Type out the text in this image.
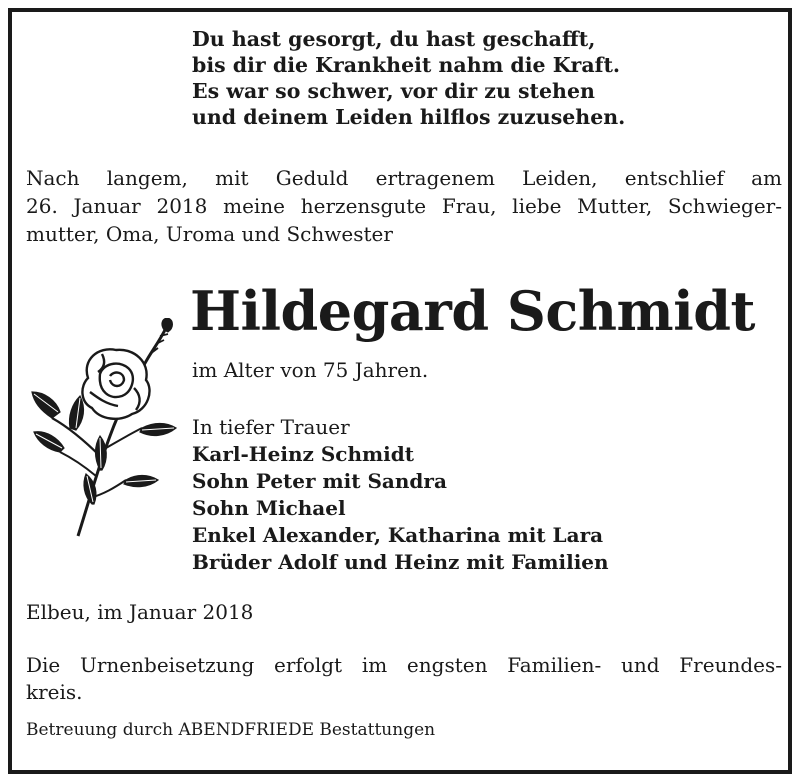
Du hast gesorgt, du hast geschafft,
bis dir die Krankheit nahm die Kraft.
Es war so schwer, vor dir zu stehen
und deinem Leiden hilflos zuzusehen.
Nach langem, mit Geduld ertragenem Leiden, entschlief am
26. Januar 2018 meine herzensgute Frau, liebe Mutter, Schwieger-
mutter, Oma, Uroma und Schwester
Hildegard Schmidt
im Alter von 75 Jahren.
In tiefer Trauer
Karl-Heinz Schmidt
Sohn Peter mit Sandra
Sohn Michael
Enkel Alexander, Katharina mit Lara
Brüder Adolf und Heinz mit Familien
Elbeu, im Januar 2018
Die Urnenbeisetzung erfolgt im engsten Familien- und Freundes-
kreis.
Betreuung durch ABENDFRIEDE Bestattungen
